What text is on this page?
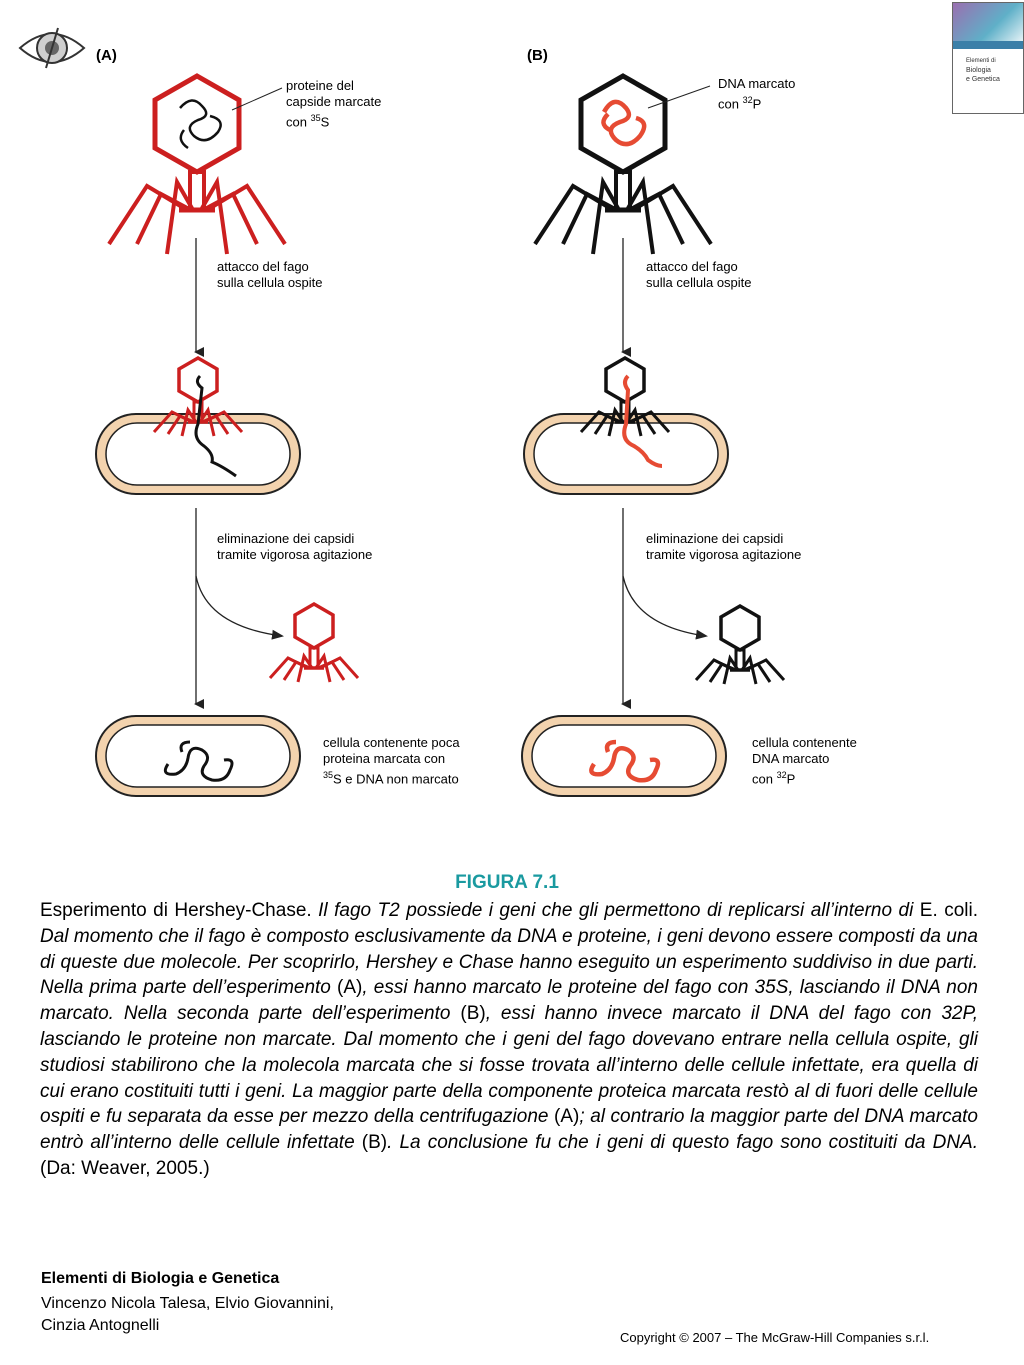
(A)	(B)
proteine del
capside marcate
con $^{35}$S
attacco del fago
sulla cellula ospite
eliminazione dei capsidi
tramite vigorosa agitazione
cellula contenente poca
proteina marcata con
$^{35}$S e DNA non marcato
DNA marcato
con $^{32}$P
attacco del fago
sulla cellula ospite
eliminazione dei capsidi
tramite vigorosa agitazione
cellula contenente
DNA marcato
con $^{32}$P
Elementi di
Biologia
e Genetica
FIGURA 7.1
Esperimento di Hershey-Chase. Il fago T2 possiede i geni che gli permettono di replicarsi all’interno di E. coli. Dal momento che il fago è composto esclusivamente da DNA e proteine, i geni devono essere composti da una di queste due molecole. Per scoprirlo, Hershey e Chase hanno eseguito un esperimento suddiviso in due parti. Nella prima parte dell’esperimento (A), essi hanno marcato le proteine del fago con 35S, lasciando il DNA non marcato. Nella seconda parte dell’esperimento (B), essi hanno invece marcato il DNA del fago con 32P, lasciando le proteine non marcate. Dal momento che i geni del fago dovevano entrare nella cellula ospite, gli studiosi stabilirono che la molecola marcata che si fosse trovata all’interno delle cellule infettate, era quella di cui erano costituiti tutti i geni. La maggior parte della componente proteica marcata restò al di fuori delle cellule ospiti e fu separata da esse per mezzo della centrifugazione (A); al contrario la maggior parte del DNA marcato entrò all’interno delle cellule infettate (B). La conclusione fu che i geni di questo fago sono costituiti da DNA. (Da: Weaver, 2005.)
Elementi di Biologia e Genetica
Vincenzo Nicola Talesa, Elvio Giovannini,
Cinzia Antognelli
Copyright © 2007 – The McGraw-Hill Companies s.r.l.
